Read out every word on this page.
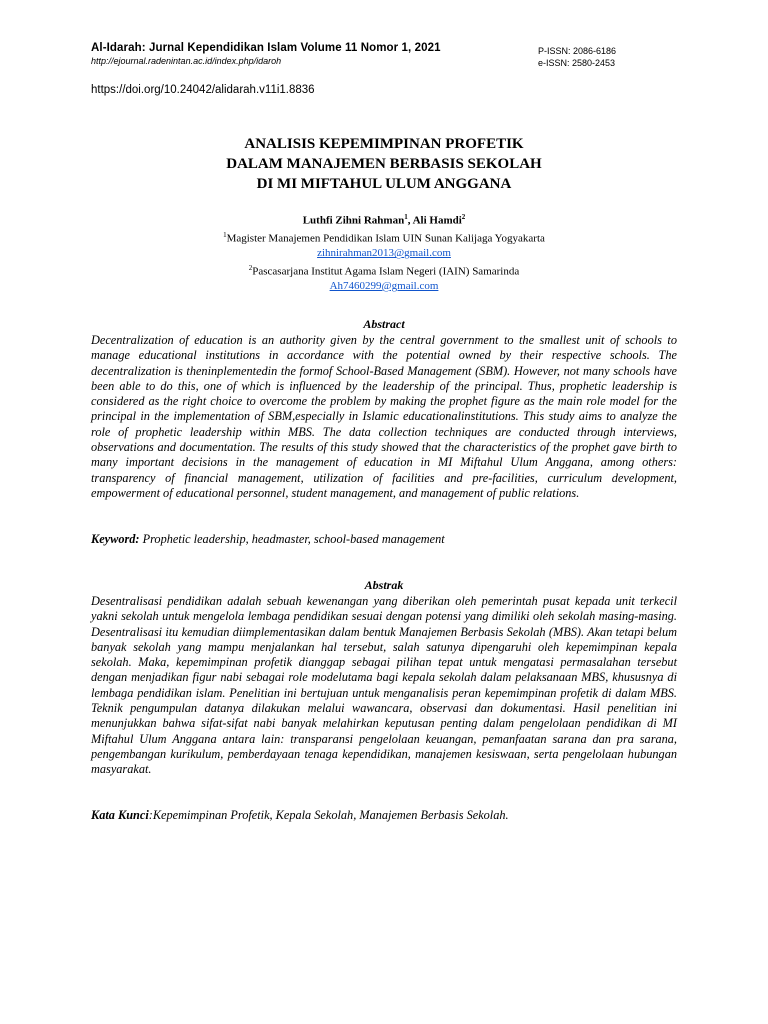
Al-Idarah: Jurnal Kependidikan Islam Volume 11 Nomor 1, 2021
http://ejournal.radenintan.ac.id/index.php/idaroh
P-ISSN: 2086-6186
e-ISSN: 2580-2453
https://doi.org/10.24042/alidarah.v11i1.8836
ANALISIS KEPEMIMPINAN PROFETIK
DALAM MANAJEMEN BERBASIS SEKOLAH
DI MI MIFTAHUL ULUM ANGGANA
Luthfi Zihni Rahman$^1$, Ali Hamdi$^2$
$^1$Magister Manajemen Pendidikan Islam UIN Sunan Kalijaga Yogyakarta
zihnirahman2013@gmail.com
$^2$Pascasarjana Institut Agama Islam Negeri (IAIN) Samarinda
Ah7460299@gmail.com
Abstract

Decentralization of education is an authority given by the central government to the smallest unit of schools to manage educational institutions in accordance with the potential owned by their respective schools. The decentralization is theninplementedin the formof School-Based Management (SBM). However, not many schools have been able to do this, one of which is influenced by the leadership of the principal. Thus, prophetic leadership is considered as the right choice to overcome the problem by making the prophet figure as the main role model for the principal in the implementation of SBM,especially in Islamic educationalinstitutions. This study aims to analyze the role of prophetic leadership within MBS. The data collection techniques are conducted through interviews, observations and documentation. The results of this study showed that the characteristics of the prophet gave birth to many important decisions in the management of education in MI Miftahul Ulum Anggana, among others: transparency of financial management, utilization of facilities and pre-facilities, curriculum development, empowerment of educational personnel, student management, and management of public relations.

Keyword: Prophetic leadership, headmaster, school-based management
Abstrak

Desentralisasi pendidikan adalah sebuah kewenangan yang diberikan oleh pemerintah pusat kepada unit terkecil yakni sekolah untuk mengelola lembaga pendidikan sesuai dengan potensi yang dimiliki oleh sekolah masing-masing. Desentralisasi itu kemudian diimplementasikan dalam bentuk Manajemen Berbasis Sekolah (MBS). Akan tetapi belum banyak sekolah yang mampu menjalankan hal tersebut, salah satunya dipengaruhi oleh kepemimpinan kepala sekolah. Maka, kepemimpinan profetik dianggap sebagai pilihan tepat untuk mengatasi permasalahan tersebut dengan menjadikan figur nabi sebagai role modelutama bagi kepala sekolah dalam pelaksanaan MBS, khususnya di lembaga pendidikan islam. Penelitian ini bertujuan untuk menganalisis peran kepemimpinan profetik di dalam MBS. Teknik pengumpulan datanya dilakukan melalui wawancara, observasi dan dokumentasi. Hasil penelitian ini menunjukkan bahwa sifat-sifat nabi banyak melahirkan keputusan penting dalam pengelolaan pendidikan di MI Miftahul Ulum Anggana antara lain: transparansi pengelolaan keuangan, pemanfaatan sarana dan pra sarana, pengembangan kurikulum, pemberdayaan tenaga kependidikan, manajemen kesiswaan, serta pengelolaan hubungan masyarakat.

Kata Kunci:Kepemimpinan Profetik, Kepala Sekolah, Manajemen Berbasis Sekolah.
